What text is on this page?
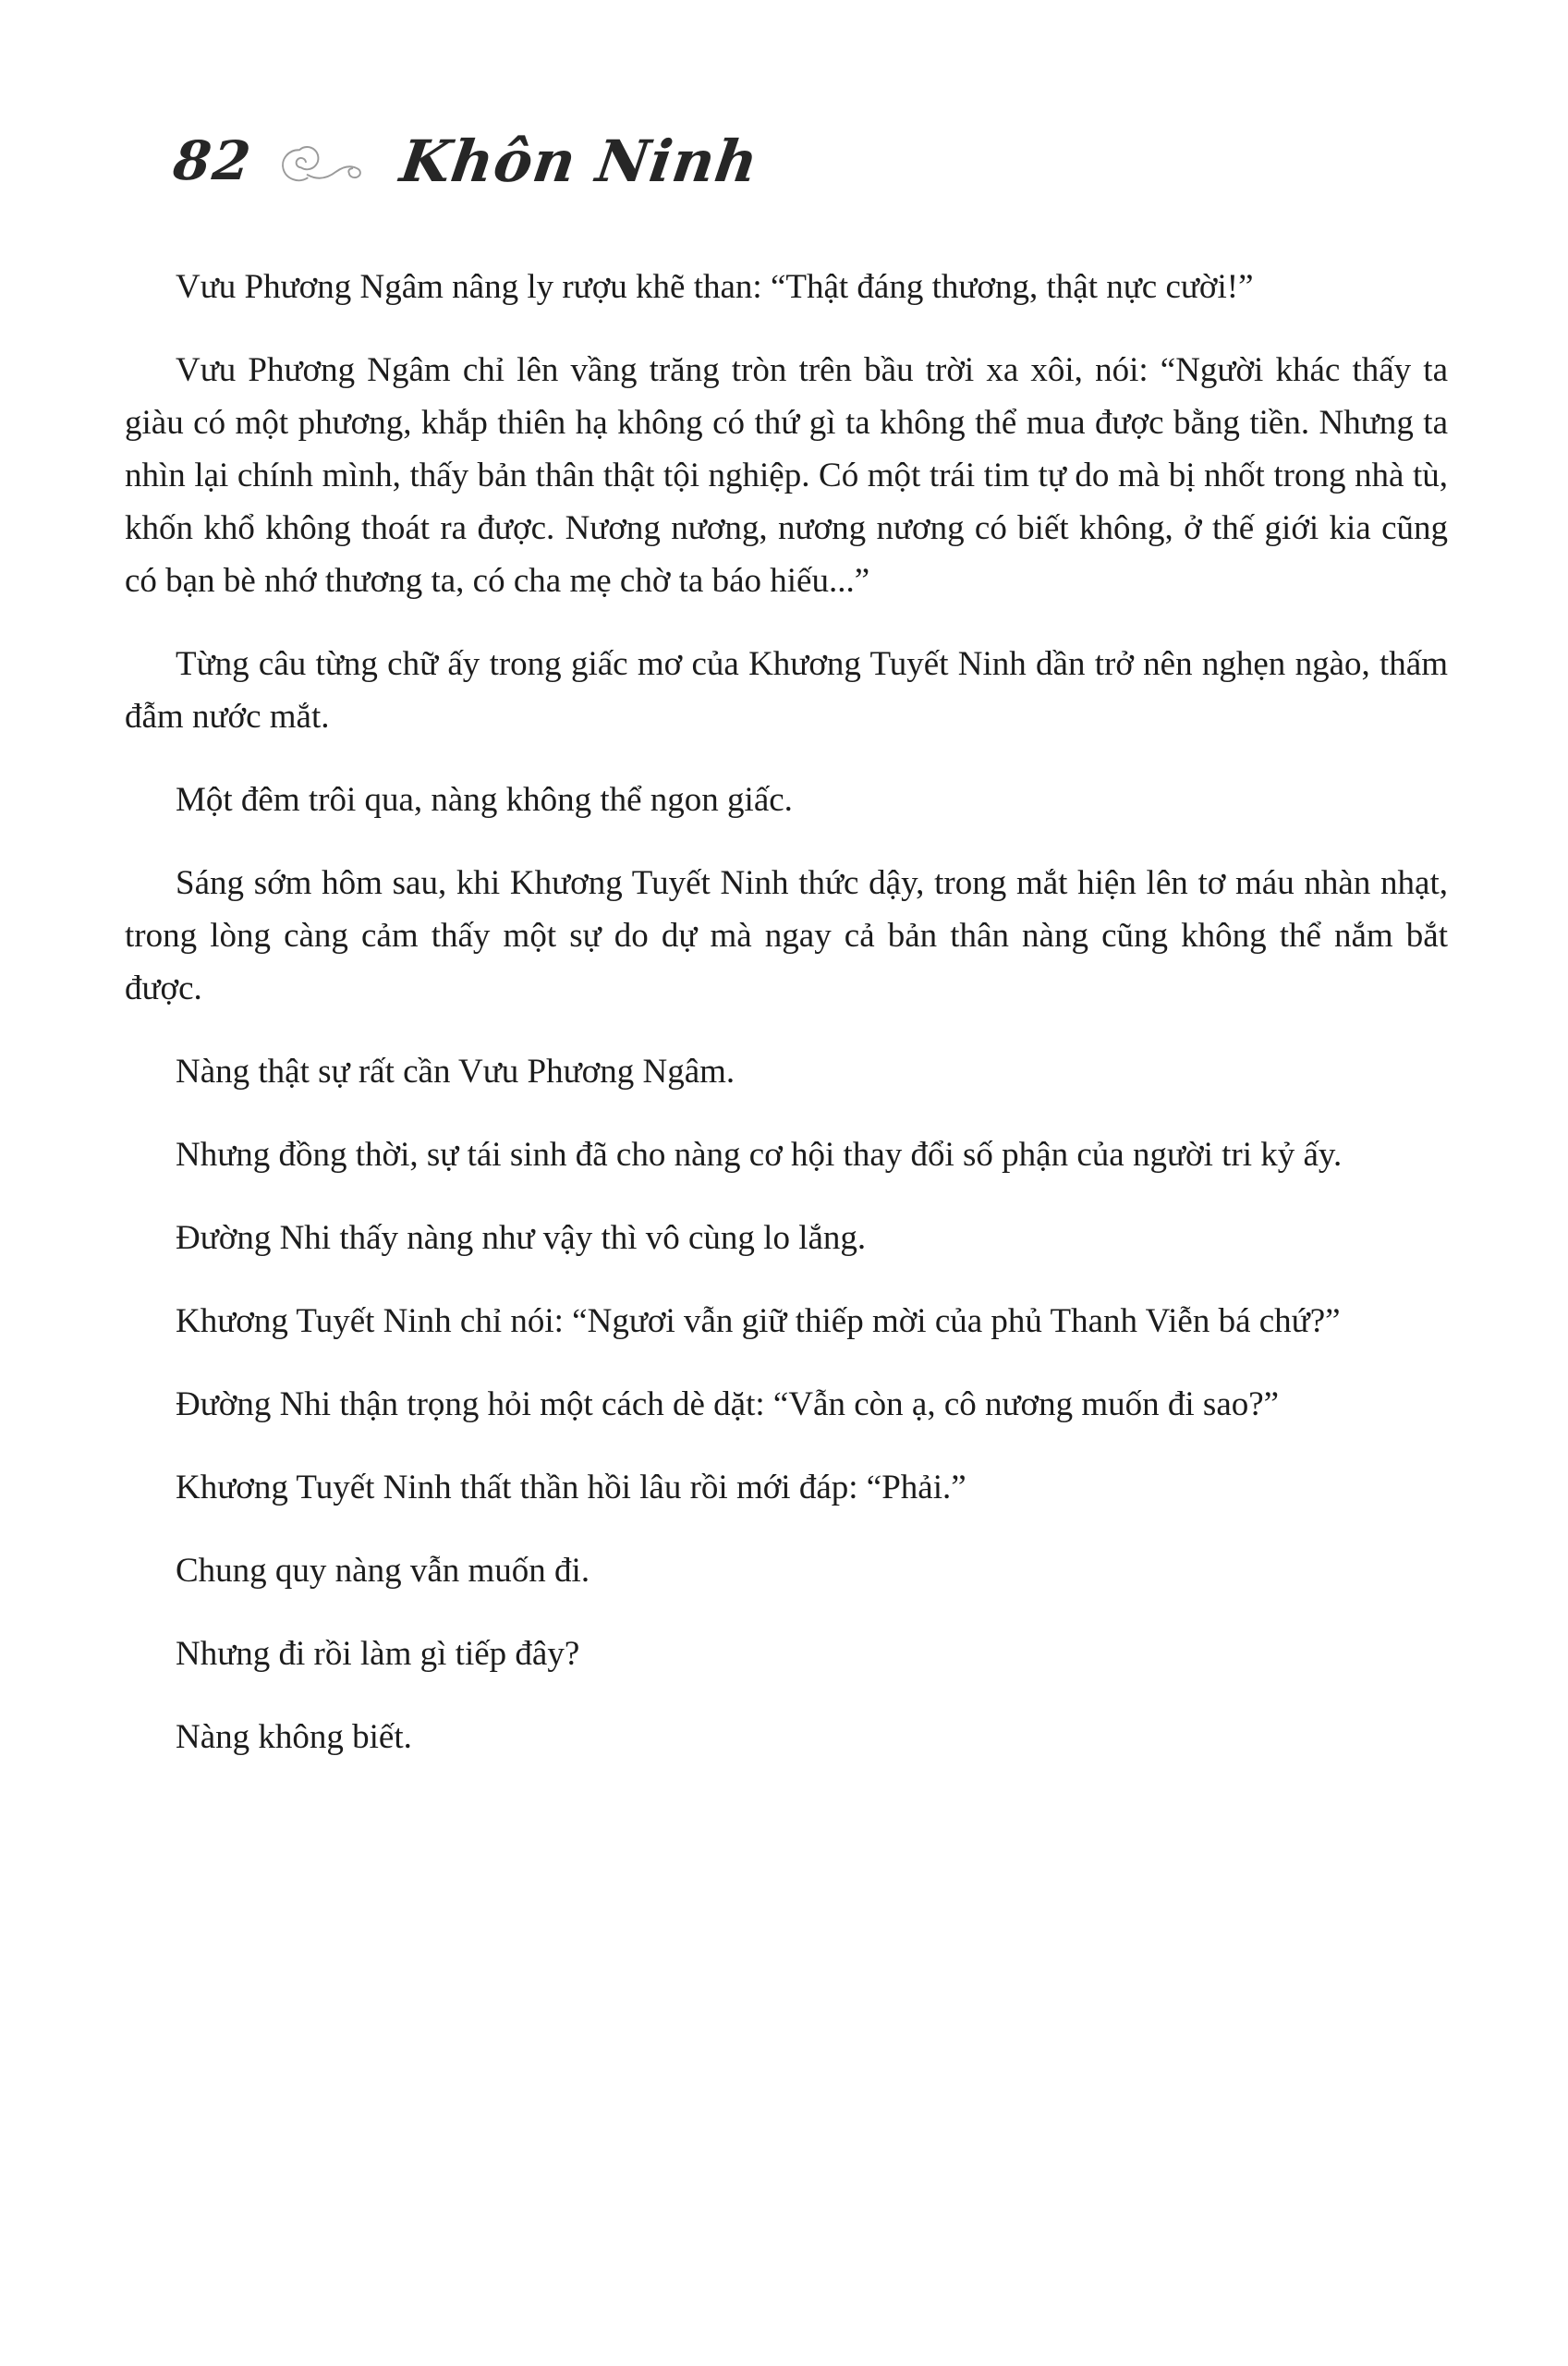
82 Khôn Ninh

Vưu Phương Ngâm nâng ly rượu khẽ than: “Thật đáng thương, thật nực cười!”

Vưu Phương Ngâm chỉ lên vầng trăng tròn trên bầu trời xa xôi, nói: “Người khác thấy ta giàu có một phương, khắp thiên hạ không có thứ gì ta không thể mua được bằng tiền. Nhưng ta nhìn lại chính mình, thấy bản thân thật tội nghiệp. Có một trái tim tự do mà bị nhốt trong nhà tù, khốn khổ không thoát ra được. Nương nương, nương nương có biết không, ở thế giới kia cũng có bạn bè nhớ thương ta, có cha mẹ chờ ta báo hiếu...”

Từng câu từng chữ ấy trong giấc mơ của Khương Tuyết Ninh dần trở nên nghẹn ngào, thấm đẫm nước mắt.

Một đêm trôi qua, nàng không thể ngon giấc.

Sáng sớm hôm sau, khi Khương Tuyết Ninh thức dậy, trong mắt hiện lên tơ máu nhàn nhạt, trong lòng càng cảm thấy một sự do dự mà ngay cả bản thân nàng cũng không thể nắm bắt được.

Nàng thật sự rất cần Vưu Phương Ngâm.

Nhưng đồng thời, sự tái sinh đã cho nàng cơ hội thay đổi số phận của người tri kỷ ấy.

Đường Nhi thấy nàng như vậy thì vô cùng lo lắng.

Khương Tuyết Ninh chỉ nói: “Ngươi vẫn giữ thiếp mời của phủ Thanh Viễn bá chứ?”

Đường Nhi thận trọng hỏi một cách dè dặt: “Vẫn còn ạ, cô nương muốn đi sao?”

Khương Tuyết Ninh thất thần hồi lâu rồi mới đáp: “Phải.”

Chung quy nàng vẫn muốn đi.

Nhưng đi rồi làm gì tiếp đây?

Nàng không biết.
